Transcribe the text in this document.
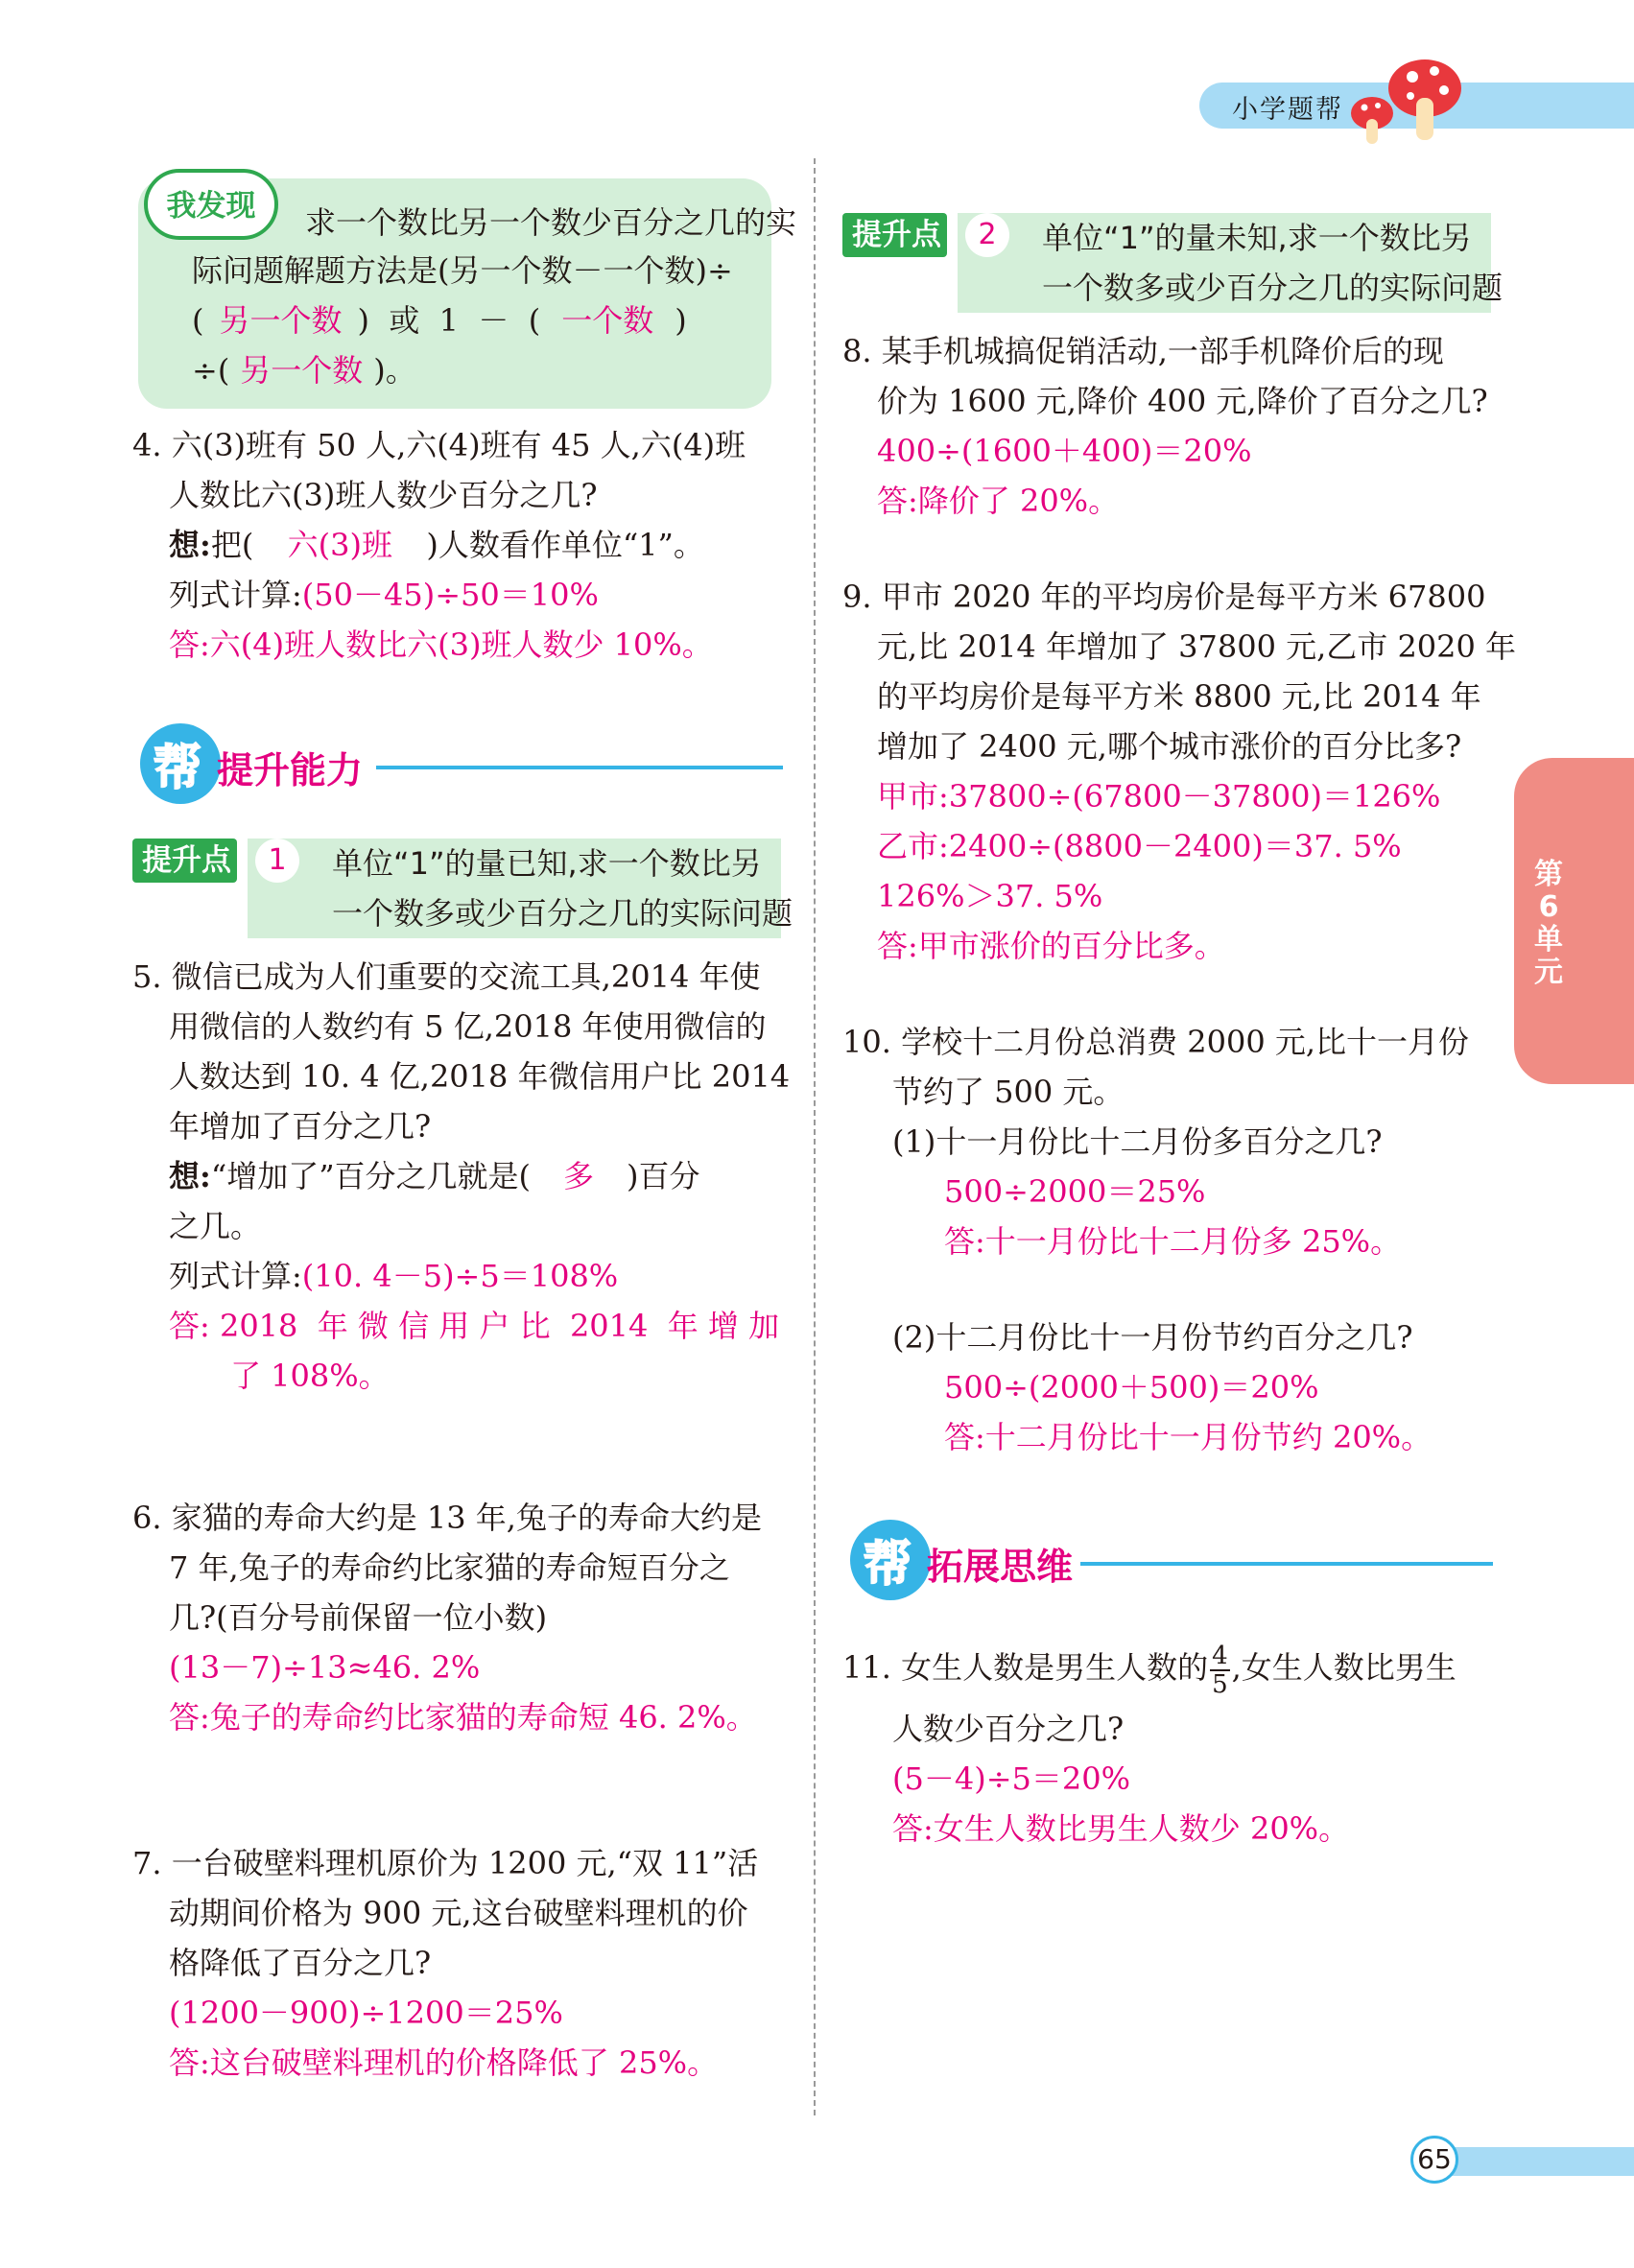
小学题帮
我发现	求一个数比另一个数少百分之几的实
际问题解题方法是(另一个数－一个数)÷
( 另一个数 )  或  1  －  ( 一个数 )
÷( 另一个数 )。
4. 六(3)班有 50 人,六(4)班有 45 人,六(4)班
人数比六(3)班人数少百分之几?
想:把( 六(3)班 )人数看作单位“1”。
列式计算:(50－45)÷50＝10%
答:六(4)班人数比六(3)班人数少 10%。
帮 提升能力
提升点	1	单位“1”的量已知,求一个数比另
一个数多或少百分之几的实际问题
5. 微信已成为人们重要的交流工具,2014 年使
用微信的人数约有 5 亿,2018 年使用微信的
人数达到 10. 4 亿,2018 年微信用户比 2014
年增加了百分之几?
想:“增加了”百分之几就是( 多 )百分
之几。
列式计算:(10. 4－5)÷5＝108%
答: 2018  年 微 信 用 户 比  2014  年 增 加
了 108%。
6. 家猫的寿命大约是 13 年,兔子的寿命大约是
7 年,兔子的寿命约比家猫的寿命短百分之
几?(百分号前保留一位小数)
(13－7)÷13≈46. 2%
答:兔子的寿命约比家猫的寿命短 46. 2%。
7. 一台破壁料理机原价为 1200 元,“双 11”活
动期间价格为 900 元,这台破壁料理机的价
格降低了百分之几?
(1200－900)÷1200＝25%
答:这台破壁料理机的价格降低了 25%。
提升点	2	单位“1”的量未知,求一个数比另
一个数多或少百分之几的实际问题
8. 某手机城搞促销活动,一部手机降价后的现
价为 1600 元,降价 400 元,降价了百分之几?
400÷(1600＋400)＝20%
答:降价了 20%。
9. 甲市 2020 年的平均房价是每平方米 67800
元,比 2014 年增加了 37800 元,乙市 2020 年
的平均房价是每平方米 8800 元,比 2014 年
增加了 2400 元,哪个城市涨价的百分比多?
甲市:37800÷(67800－37800)＝126%
乙市:2400÷(8800－2400)＝37. 5%
126%＞37. 5%
答:甲市涨价的百分比多。
10. 学校十二月份总消费 2000 元,比十一月份
节约了 500 元。
(1)十一月份比十二月份多百分之几?
500÷2000＝25%
答:十一月份比十二月份多 25%。
(2)十二月份比十一月份节约百分之几?
500÷(2000＋500)＝20%
答:十二月份比十一月份节约 20%。
帮 拓展思维
11. 女生人数是男生人数的 $\frac{4}{5}$ ,女生人数比男生
人数少百分之几?
(5－4)÷5＝20%
答:女生人数比男生人数少 20%。
第
6
单
元
65
